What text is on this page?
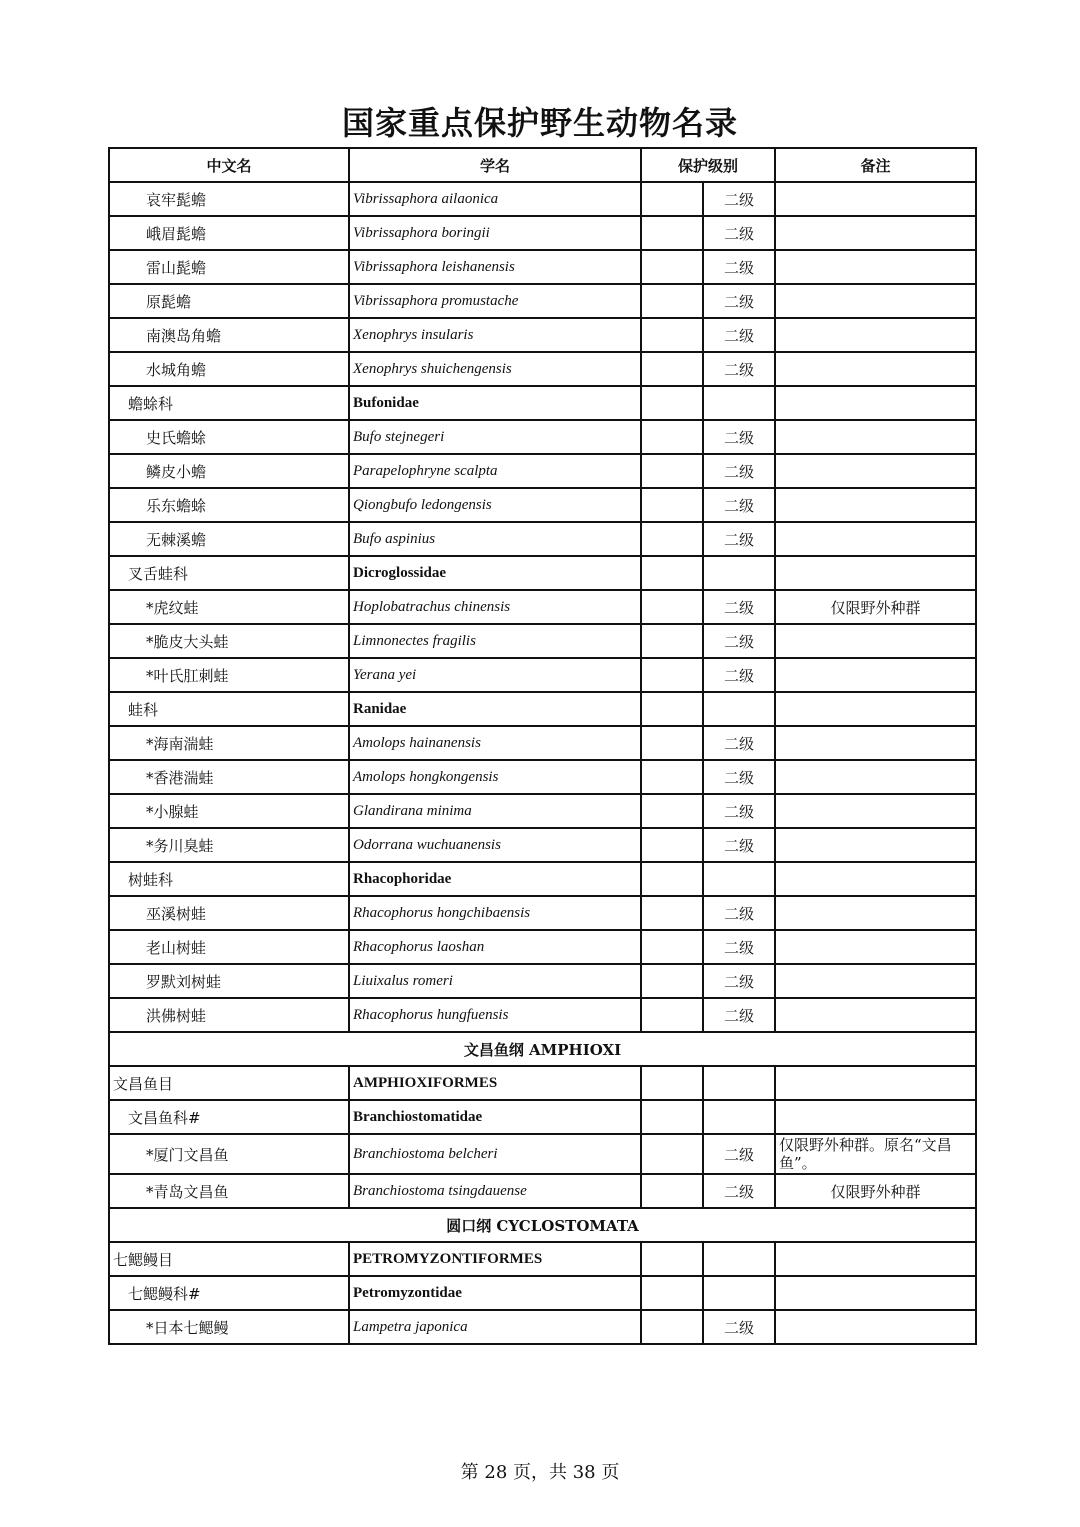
国家重点保护野生动物名录
中文名	学名	保护级别		备注
哀牢髭蟾	Vibrissaphora ailaonica		二级	
峨眉髭蟾	Vibrissaphora boringii		二级	
雷山髭蟾	Vibrissaphora leishanensis		二级	
原髭蟾	Vibrissaphora promustache		二级	
南澳岛角蟾	Xenophrys insularis		二级	
水城角蟾	Xenophrys shuichengensis		二级	
蟾蜍科	Bufonidae			
史氏蟾蜍	Bufo stejnegeri		二级	
鳞皮小蟾	Parapelophryne scalpta		二级	
乐东蟾蜍	Qiongbufo ledongensis		二级	
无棘溪蟾	Bufo aspinius		二级	
叉舌蛙科	Dicroglossidae			
*虎纹蛙	Hoplobatrachus chinensis		二级	仅限野外种群
*脆皮大头蛙	Limnonectes fragilis		二级	
*叶氏肛刺蛙	Yerana yei		二级	
蛙科	Ranidae			
*海南湍蛙	Amolops hainanensis		二级	
*香港湍蛙	Amolops hongkongensis		二级	
*小腺蛙	Glandirana minima		二级	
*务川臭蛙	Odorrana wuchuanensis		二级	
树蛙科	Rhacophoridae			
巫溪树蛙	Rhacophorus hongchibaensis		二级	
老山树蛙	Rhacophorus laoshan		二级	
罗默刘树蛙	Liuixalus romeri		二级	
洪佛树蛙	Rhacophorus hungfuensis		二级	
文昌鱼纲 AMPHIOXI				
文昌鱼目	AMPHIOXIFORMES			
文昌鱼科#	Branchiostomatidae			
*厦门文昌鱼	Branchiostoma belcheri		二级	仅限野外种群。原名“文昌鱼”。
*青岛文昌鱼	Branchiostoma tsingdauense		二级	仅限野外种群
圆口纲 CYCLOSTOMATA				
七鳃鳗目	PETROMYZONTIFORMES			
七鳃鳗科#	Petromyzontidae			
*日本七鳃鳗	Lampetra japonica		二级	
第 28 页，共 38 页
